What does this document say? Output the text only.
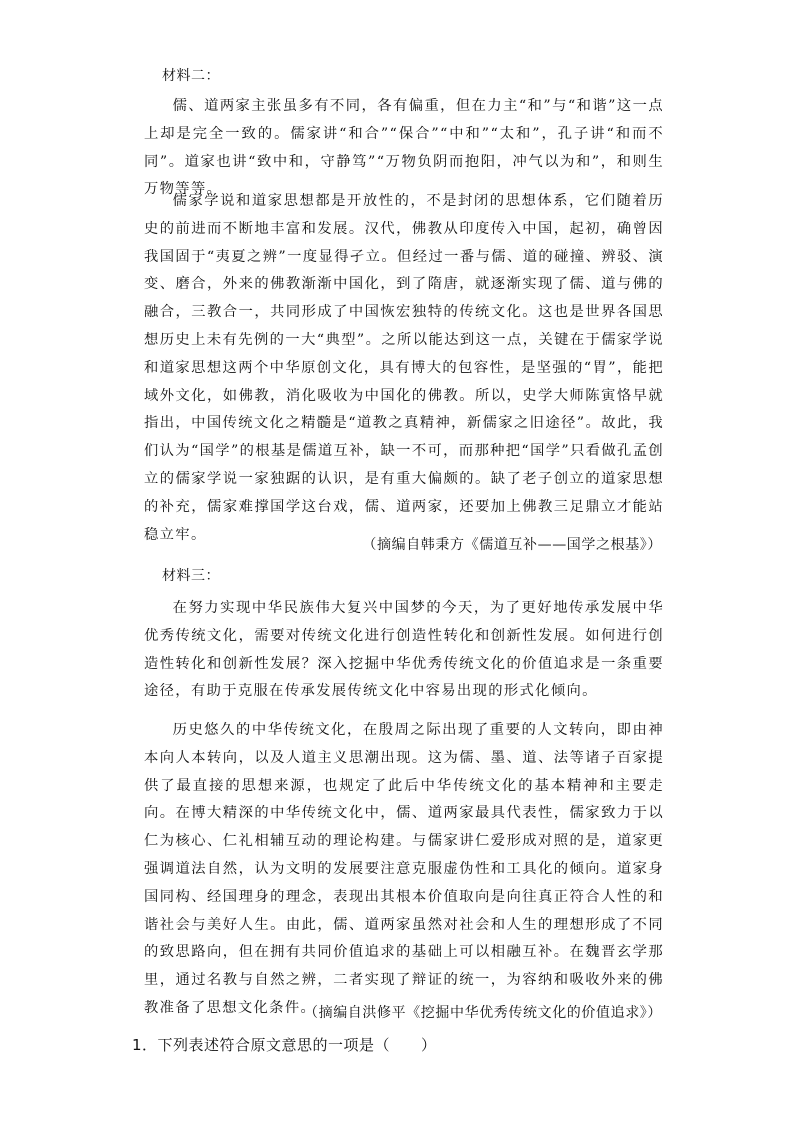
材料二：

儒、道两家主张虽多有不同，各有偏重，但在力主“和”与“和谐”这一点上却是完全一致的。儒家讲“和合”“保合”“中和”“太和”，孔子讲“和而不同”。道家也讲“致中和，守静笃”“万物负阴而抱阳，冲气以为和”，和则生万物等等。

儒家学说和道家思想都是开放性的，不是封闭的思想体系，它们随着历史的前进而不断地丰富和发展。汉代，佛教从印度传入中国，起初，确曾因我国固于“夷夏之辨”一度显得孑立。但经过一番与儒、道的碰撞、辨驳、演变、磨合，外来的佛教渐渐中国化，到了隋唐，就逐渐实现了儒、道与佛的融合，三教合一，共同形成了中国恢宏独特的传统文化。这也是世界各国思想历史上未有先例的一大“典型”。之所以能达到这一点，关键在于儒家学说和道家思想这两个中华原创文化，具有博大的包容性，是坚强的“胃”，能把域外文化，如佛教，消化吸收为中国化的佛教。所以，史学大师陈寅恪早就指出，中国传统文化之精髓是“道教之真精神，新儒家之旧途径”。故此，我们认为“国学”的根基是儒道互补，缺一不可，而那种把“国学”只看做孔孟创立的儒家学说一家独踞的认识，是有重大偏颇的。缺了老子创立的道家思想的补充，儒家难撑国学这台戏，儒、道两家，还要加上佛教三足鼎立才能站稳立牢。

（摘编自韩秉方《儒道互补——国学之根基》）
材料三：

在努力实现中华民族伟大复兴中国梦的今天，为了更好地传承发展中华优秀传统文化，需要对传统文化进行创造性转化和创新性发展。如何进行创造性转化和创新性发展？深入挖掘中华优秀传统文化的价值追求是一条重要途径，有助于克服在传承发展传统文化中容易出现的形式化倾向。

历史悠久的中华传统文化，在殷周之际出现了重要的人文转向，即由神本向人本转向，以及人道主义思潮出现。这为儒、墨、道、法等诸子百家提供了最直接的思想来源，也规定了此后中华传统文化的基本精神和主要走向。在博大精深的中华传统文化中，儒、道两家最具代表性，儒家致力于以仁为核心、仁礼相辅互动的理论构建。与儒家讲仁爱形成对照的是，道家更强调道法自然，认为文明的发展要注意克服虚伪性和工具化的倾向。道家身国同构、经国理身的理念，表现出其根本价值取向是向往真正符合人性的和谐社会与美好人生。由此，儒、道两家虽然对社会和人生的理想形成了不同的致思路向，但在拥有共同价值追求的基础上可以相融互补。在魏晋玄学那里，通过名教与自然之辨，二者实现了辩证的统一，为容纳和吸收外来的佛教准备了思想文化条件。

（摘编自洪修平《挖掘中华优秀传统文化的价值追求》）
1．下列表述符合原文意思的一项是（　　）
